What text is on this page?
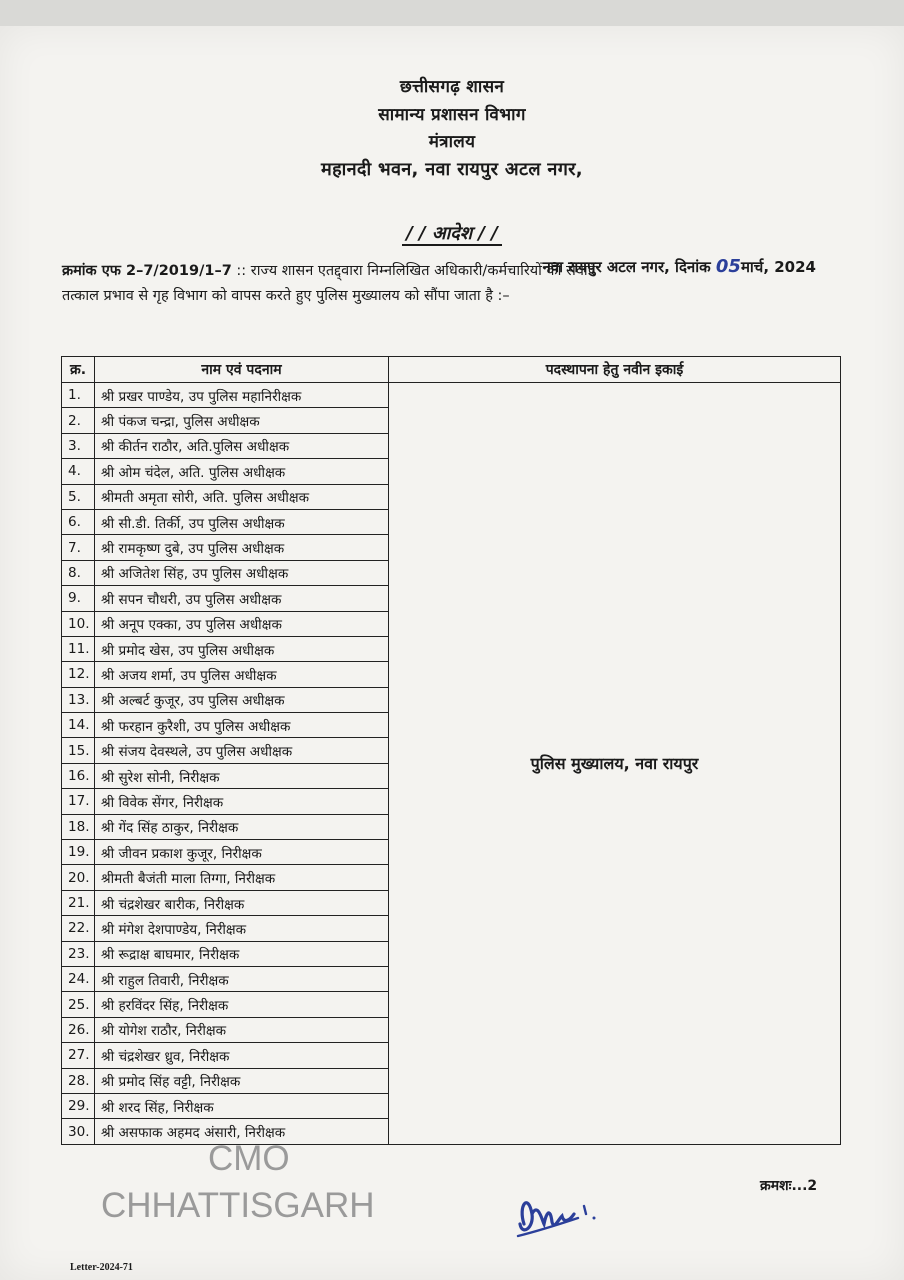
छत्तीसगढ़ शासन
सामान्य प्रशासन विभाग
मंत्रालय
महानदी भवन, नवा रायपुर अटल नगर,
/ / आदेश / /
नवा रायपुर अटल नगर, दिनांक 05मार्च, 2024
क्रमांक एफ 2–7/2019/1–7 :: राज्य शासन एतद्द्वारा निम्नलिखित अधिकारी/कर्मचारियों की सेवाएं
तत्काल प्रभाव से गृह विभाग को वापस करते हुए पुलिस मुख्यालय को सौंपा जाता है :–
क्र.	नाम एवं पदनाम	पदस्थापना हेतु नवीन इकाई
1.	श्री प्रखर पाण्डेय, उप पुलिस महानिरीक्षक	पुलिस मुख्यालय, नवा रायपुर
2.	श्री पंकज चन्द्रा, पुलिस अधीक्षक	
3.	श्री कीर्तन राठौर, अति.पुलिस अधीक्षक	
4.	श्री ओम चंदेल, अति. पुलिस अधीक्षक	
5.	श्रीमती अमृता सोरी, अति. पुलिस अधीक्षक	
6.	श्री सी.डी. तिर्की, उप पुलिस अधीक्षक	
7.	श्री रामकृष्ण दुबे, उप पुलिस अधीक्षक	
8.	श्री अजितेश सिंह, उप पुलिस अधीक्षक	
9.	श्री सपन चौधरी, उप पुलिस अधीक्षक	
10.	श्री अनूप एक्का, उप पुलिस अधीक्षक	
11.	श्री प्रमोद खेस, उप पुलिस अधीक्षक	
12.	श्री अजय शर्मा, उप पुलिस अधीक्षक	
13.	श्री अल्बर्ट कुजूर, उप पुलिस अधीक्षक	
14.	श्री फरहान कुरैशी, उप पुलिस अधीक्षक	
15.	श्री संजय देवस्थले, उप पुलिस अधीक्षक	
16.	श्री सुरेश सोनी, निरीक्षक	
17.	श्री विवेक सेंगर, निरीक्षक	
18.	श्री गेंद सिंह ठाकुर, निरीक्षक	
19.	श्री जीवन प्रकाश कुजूर, निरीक्षक	
20.	श्रीमती बैजंती माला तिग्गा, निरीक्षक	
21.	श्री चंद्रशेखर बारीक, निरीक्षक	
22.	श्री मंगेश देशपाण्डेय, निरीक्षक	
23.	श्री रूद्राक्ष बाघमार, निरीक्षक	
24.	श्री राहुल तिवारी, निरीक्षक	
25.	श्री हरविंदर सिंह, निरीक्षक	
26.	श्री योगेश राठौर, निरीक्षक	
27.	श्री चंद्रशेखर ध्रुव, निरीक्षक	
28.	श्री प्रमोद सिंह वट्टी, निरीक्षक	
29.	श्री शरद सिंह, निरीक्षक	
30.	श्री असफाक अहमद अंसारी, निरीक्षक	
CMO
CHHATTISGARH	क्रमशः...2
Letter-2024-71
